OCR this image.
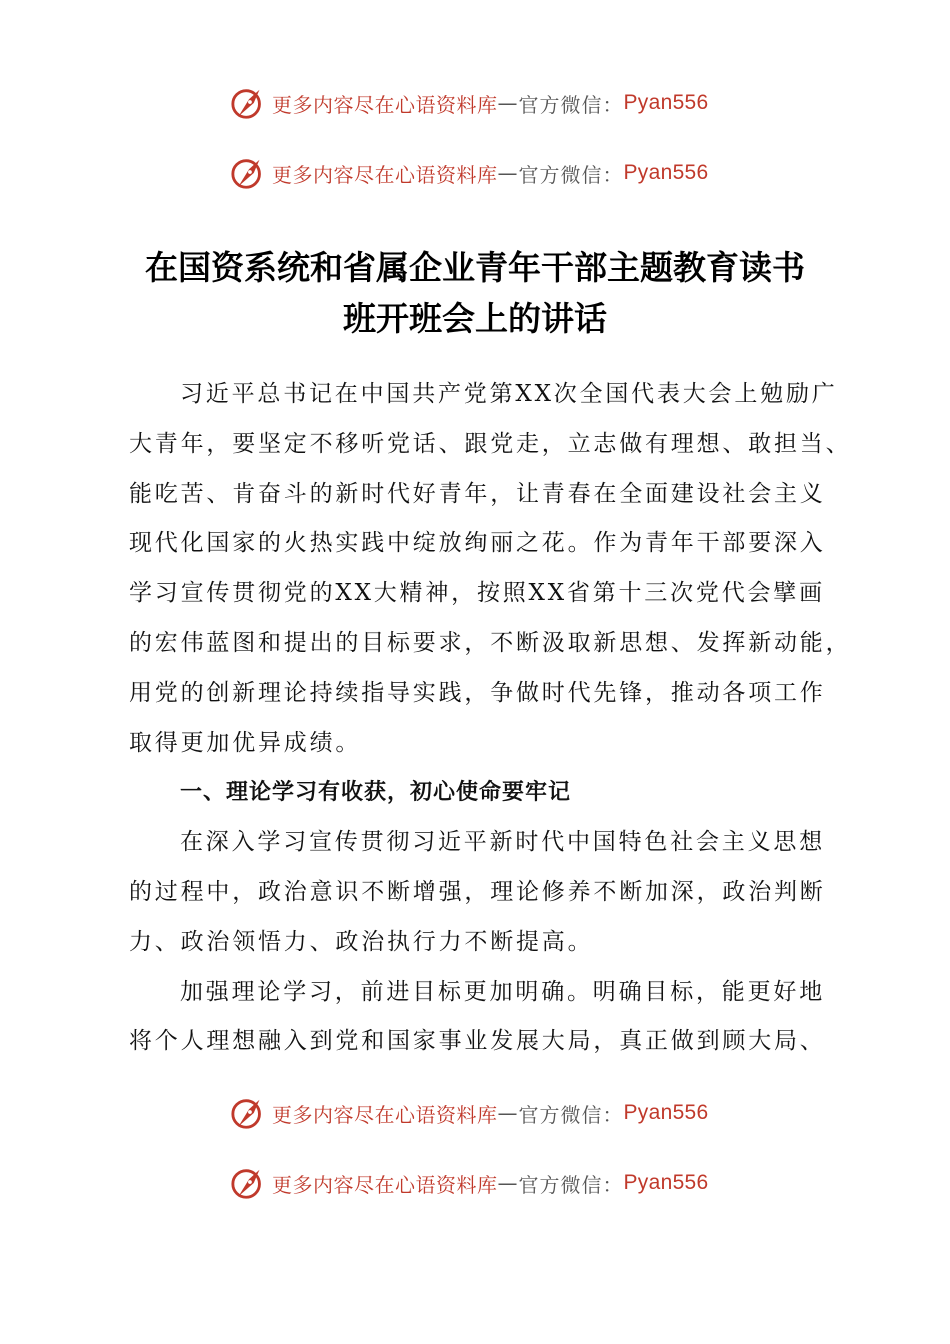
更多内容尽在心语资料库 — 官方微信： Pyan556
更多内容尽在心语资料库 — 官方微信： Pyan556
在国资系统和省属企业青年干部主题教育读书
班开班会上的讲话

习近平总书记在中国共产党第XX次全国代表大会上勉励广
大青年，要坚定不移听党话、跟党走，立志做有理想、敢担当、
能吃苦、肯奋斗的新时代好青年，让青春在全面建设社会主义
现代化国家的火热实践中绽放绚丽之花。作为青年干部要深入
学习宣传贯彻党的XX大精神，按照XX省第十三次党代会擘画
的宏伟蓝图和提出的目标要求，不断汲取新思想、发挥新动能，
用党的创新理论持续指导实践，争做时代先锋，推动各项工作
取得更加优异成绩。

一、理论学习有收获，初心使命要牢记

在深入学习宣传贯彻习近平新时代中国特色社会主义思想
的过程中，政治意识不断增强，理论修养不断加深，政治判断
力、政治领悟力、政治执行力不断提高。

加强理论学习，前进目标更加明确。明确目标，能更好地
将个人理想融入到党和国家事业发展大局，真正做到顾大局、

更多内容尽在心语资料库 — 官方微信： Pyan556
更多内容尽在心语资料库 — 官方微信： Pyan556
